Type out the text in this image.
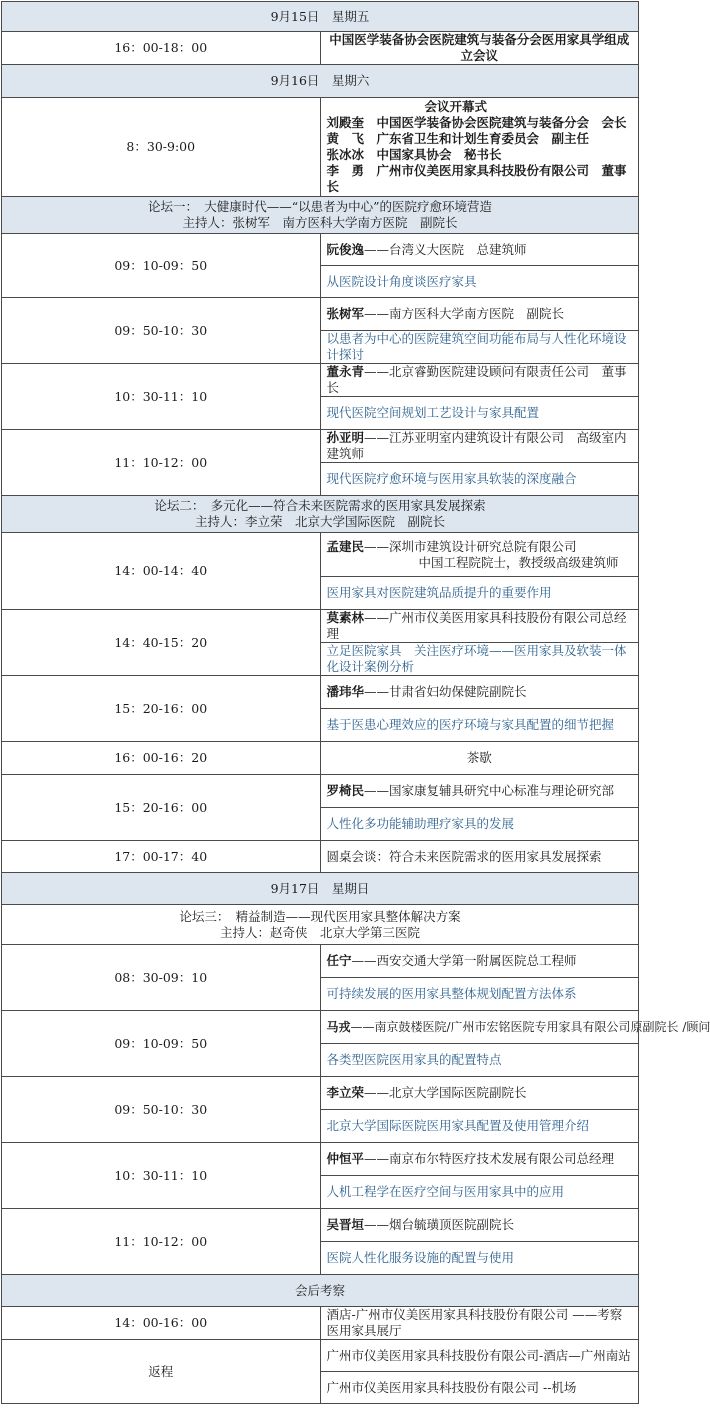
9月15日　星期五	
16：00-18：00	中国医学装备协会医院建筑与装备分会医用家具学组成立会议
9月16日　星期六	
8：30-9:00	会议开幕式
刘殿奎　中国医学装备协会医院建筑与装备分会　会长
黄　飞　广东省卫生和计划生育委员会　副主任
张冰冰　中国家具协会　秘书长
李　勇　广州市仪美医用家具科技股份有限公司　董事长

论坛一：　大健康时代——“以患者为中心”的医院疗愈环境营造
主持人：张树军　南方医科大学南方医院　副院长	

09：10-09：50	阮俊逸——台湾义大医院　总建筑师
	从医院设计角度谈医疗家具
09：50-10：30	张树军——南方医科大学南方医院　副院长
	以患者为中心的医院建筑空间功能布局与人性化环境设计探讨
10：30-11：10	董永青——北京睿勤医院建设顾问有限责任公司　董事长
	现代医院空间规划工艺设计与家具配置
11：10-12：00	孙亚明——江苏亚明室内建筑设计有限公司　高级室内建筑师
	现代医院疗愈环境与医用家具软装的深度融合

论坛二：　多元化——符合未来医院需求的医用家具发展探索
主持人：李立荣　北京大学国际医院　副院长	

14：00-14：40	孟建民——深圳市建筑设计研究总院有限公司
中国工程院院士，教授级高级建筑师

	医用家具对医院建筑品质提升的重要作用
14：40-15：20	莫素林——广州市仪美医用家具科技股份有限公司总经理
	立足医院家具　关注医疗环境——医用家具及软装一体化设计案例分析
15：20-16：00	潘玮华——甘肃省妇幼保健院副院长
	基于医患心理效应的医疗环境与家具配置的细节把握
16：00-16：20	茶歇
15：20-16：00	罗椅民——国家康复辅具研究中心标准与理论研究部
	人性化多功能辅助理疗家具的发展
17：00-17：40	圆桌会谈：符合未来医院需求的医用家具发展探索
9月17日　星期日	

论坛三：　精益制造——现代医用家具整体解决方案
主持人：赵奇侠　北京大学第三医院	

08：30-09：10	任宁——西安交通大学第一附属医院总工程师
	可持续发展的医用家具整体规划配置方法体系
09：10-09：50	马戎——南京鼓楼医院/广州市宏铭医院专用家具有限公司原副院长 /顾问
	各类型医院医用家具的配置特点
09：50-10：30	李立荣——北京大学国际医院副院长
	北京大学国际医院医用家具配置及使用管理介绍
10：30-11：10	仲恒平——南京布尔特医疗技术发展有限公司总经理
	人机工程学在医疗空间与医用家具中的应用
11：10-12：00	吴晋垣——烟台毓璜顶医院副院长
	医院人性化服务设施的配置与使用
会后考察	
14：00-16：00	酒店-广州市仪美医用家具科技股份有限公司 ——考察医用家具展厅
返程	广州市仪美医用家具科技股份有限公司-酒店—广州南站
	广州市仪美医用家具科技股份有限公司 --机场
